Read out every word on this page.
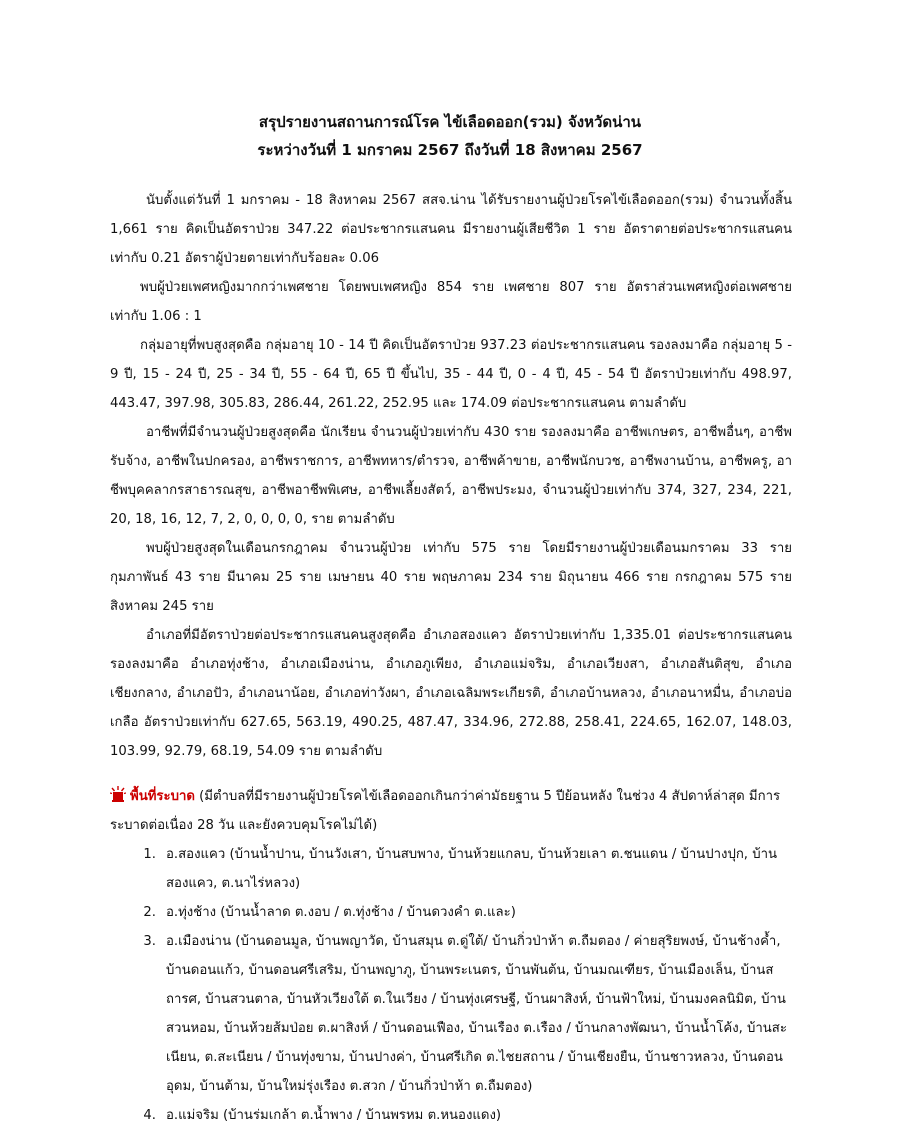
สรุปรายงานสถานการณ์โรค ไข้เลือดออก(รวม) จังหวัดน่าน

ระหว่างวันที่ 1 มกราคม 2567 ถึงวันที่ 18 สิงหาคม 2567

นับตั้งแต่วันที่ 1 มกราคม - 18 สิงหาคม 2567 สสจ.น่าน ได้รับรายงานผู้ป่วยโรคไข้เลือดออก(รวม) จำนวนทั้งสิ้น 1,661 ราย คิดเป็นอัตราป่วย 347.22 ต่อประชากรแสนคน มีรายงานผู้เสียชีวิต 1 ราย อัตราตายต่อประชากรแสนคน เท่ากับ 0.21 อัตราผู้ป่วยตายเท่ากับร้อยละ 0.06

พบผู้ป่วยเพศหญิงมากกว่าเพศชาย โดยพบเพศหญิง 854 ราย เพศชาย 807 ราย อัตราส่วนเพศหญิงต่อเพศชาย เท่ากับ 1.06 : 1

กลุ่มอายุที่พบสูงสุดคือ กลุ่มอายุ 10 - 14 ปี คิดเป็นอัตราป่วย 937.23 ต่อประชากรแสนคน รองลงมาคือ กลุ่มอายุ 5 - 9 ปี, 15 - 24 ปี, 25 - 34 ปี, 55 - 64 ปี, 65 ปี ขึ้นไป, 35 - 44 ปี, 0 - 4 ปี, 45 - 54 ปี อัตราป่วยเท่ากับ 498.97, 443.47, 397.98, 305.83, 286.44, 261.22, 252.95 และ 174.09 ต่อประชากรแสนคน ตามลำดับ

อาชีพที่มีจำนวนผู้ป่วยสูงสุดคือ นักเรียน จำนวนผู้ป่วยเท่ากับ 430 ราย รองลงมาคือ อาชีพเกษตร, อาชีพอื่นๆ, อาชีพรับจ้าง, อาชีพในปกครอง, อาชีพราชการ, อาชีพทหาร/ตำรวจ, อาชีพค้าขาย, อาชีพนักบวช, อาชีพงานบ้าน, อาชีพครู, อาชีพบุคคลากรสาธารณสุข, อาชีพอาชีพพิเศษ, อาชีพเลี้ยงสัตว์, อาชีพประมง, จำนวนผู้ป่วยเท่ากับ 374, 327, 234, 221, 20, 18, 16, 12, 7, 2, 0, 0, 0, 0, ราย ตามลำดับ

พบผู้ป่วยสูงสุดในเดือนกรกฎาคม จำนวนผู้ป่วย เท่ากับ 575 ราย โดยมีรายงานผู้ป่วยเดือนมกราคม 33 ราย กุมภาพันธ์ 43 ราย มีนาคม 25 ราย เมษายน 40 ราย พฤษภาคม 234 ราย มิถุนายน 466 ราย กรกฎาคม 575 ราย สิงหาคม 245 ราย

อำเภอที่มีอัตราป่วยต่อประชากรแสนคนสูงสุดคือ อำเภอสองแคว อัตราป่วยเท่ากับ 1,335.01 ต่อประชากรแสนคน รองลงมาคือ อำเภอทุ่งช้าง, อำเภอเมืองน่าน, อำเภอภูเพียง, อำเภอแม่จริม, อำเภอเวียงสา, อำเภอสันติสุข, อำเภอเชียงกลาง, อำเภอปัว, อำเภอนาน้อย, อำเภอท่าวังผา, อำเภอเฉลิมพระเกียรติ, อำเภอบ้านหลวง, อำเภอนาหมื่น, อำเภอบ่อเกลือ อัตราป่วยเท่ากับ 627.65, 563.19, 490.25, 487.47, 334.96, 272.88, 258.41, 224.65, 162.07, 148.03, 103.99, 92.79, 68.19, 54.09 ราย ตามลำดับ

พื้นที่ระบาด (มีตำบลที่มีรายงานผู้ป่วยโรคไข้เลือดออกเกินกว่าค่ามัธยฐาน 5 ปีย้อนหลัง ในช่วง 4 สัปดาห์ล่าสุด มีการระบาดต่อเนื่อง 28 วัน และยังควบคุมโรคไม่ได้)

1. อ.สองแคว (บ้านน้ำปาน, บ้านวังเสา, บ้านสบพาง, บ้านห้วยแกลบ, บ้านห้วยเลา ต.ชนแดน / บ้านปางปุก, บ้านสองแคว, ต.นาไร่หลวง)
2. อ.ทุ่งช้าง (บ้านน้ำลาด ต.งอบ / ต.ทุ่งช้าง / บ้านดวงคำ ต.และ)
3. อ.เมืองน่าน (บ้านดอนมูล, บ้านพญาวัด, บ้านสมุน ต.ดู่ใต้/ บ้านกิ่วป่าห้า ต.ถืมตอง / ค่ายสุริยพงษ์, บ้านช้างค้ำ, บ้านดอนแก้ว, บ้านดอนศรีเสริม, บ้านพญาภู, บ้านพระเนตร, บ้านพันต้น, บ้านมณเฑียร, บ้านเมืองเล็น, บ้านสถารศ, บ้านสวนตาล, บ้านหัวเวียงใต้ ต.ในเวียง / บ้านทุ่งเศรษฐี, บ้านผาสิงห์, บ้านฟ้าใหม่, บ้านมงคลนิมิต, บ้านสวนหอม, บ้านห้วยส้มป่อย ต.ผาสิงห์ / บ้านดอนเฟือง, บ้านเรือง ต.เรือง / บ้านกลางพัฒนา, บ้านน้ำโค้ง, บ้านสะเนียน, ต.สะเนียน / บ้านทุ่งขาม, บ้านปางค่า, บ้านศรีเกิด ต.ไชยสถาน / บ้านเชียงยืน, บ้านชาวหลวง, บ้านดอนอุดม, บ้านต้าม, บ้านใหม่รุ่งเรือง ต.สวก / บ้านกิ่วป่าห้า ต.ถืมตอง)
4. อ.แม่จริม (บ้านร่มเกล้า ต.น้ำพาง / บ้านพรหม ต.หนองแดง)
